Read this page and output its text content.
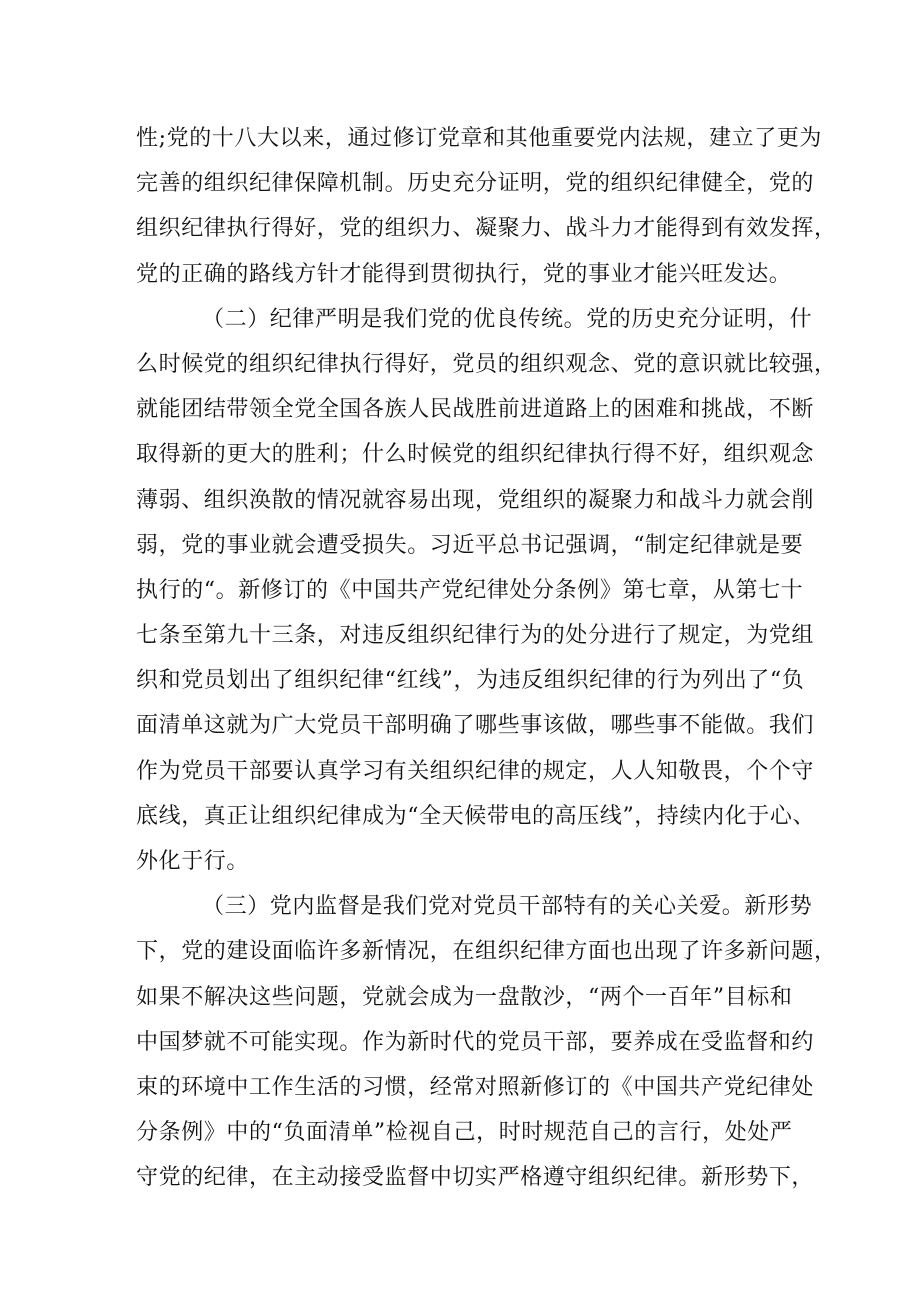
性;党的十八大以来，通过修订党章和其他重要党内法规，建立了更为
完善的组织纪律保障机制。历史充分证明，党的组织纪律健全，党的
组织纪律执行得好，党的组织力、凝聚力、战斗力才能得到有效发挥，
党的正确的路线方针才能得到贯彻执行，党的事业才能兴旺发达。
（二）纪律严明是我们党的优良传统。党的历史充分证明，什
么时候党的组织纪律执行得好，党员的组织观念、党的意识就比较强，
就能团结带领全党全国各族人民战胜前进道路上的困难和挑战，不断
取得新的更大的胜利；什么时候党的组织纪律执行得不好，组织观念
薄弱、组织涣散的情况就容易出现，党组织的凝聚力和战斗力就会削
弱，党的事业就会遭受损失。习近平总书记强调，“制定纪律就是要
执行的“。新修订的《中国共产党纪律处分条例》第七章，从第七十
七条至第九十三条，对违反组织纪律行为的处分进行了规定，为党组
织和党员划出了组织纪律“红线”，为违反组织纪律的行为列出了“负
面清单这就为广大党员干部明确了哪些事该做，哪些事不能做。我们
作为党员干部要认真学习有关组织纪律的规定，人人知敬畏，个个守
底线，真正让组织纪律成为“全天候带电的高压线”，持续内化于心、
外化于行。
（三）党内监督是我们党对党员干部特有的关心关爱。新形势
下，党的建设面临许多新情况，在组织纪律方面也出现了许多新问题，
如果不解决这些问题，党就会成为一盘散沙，“两个一百年”目标和
中国梦就不可能实现。作为新时代的党员干部，要养成在受监督和约
束的环境中工作生活的习惯，经常对照新修订的《中国共产党纪律处
分条例》中的“负面清单”检视自己，时时规范自己的言行，处处严
守党的纪律，在主动接受监督中切实严格遵守组织纪律。新形势下，
